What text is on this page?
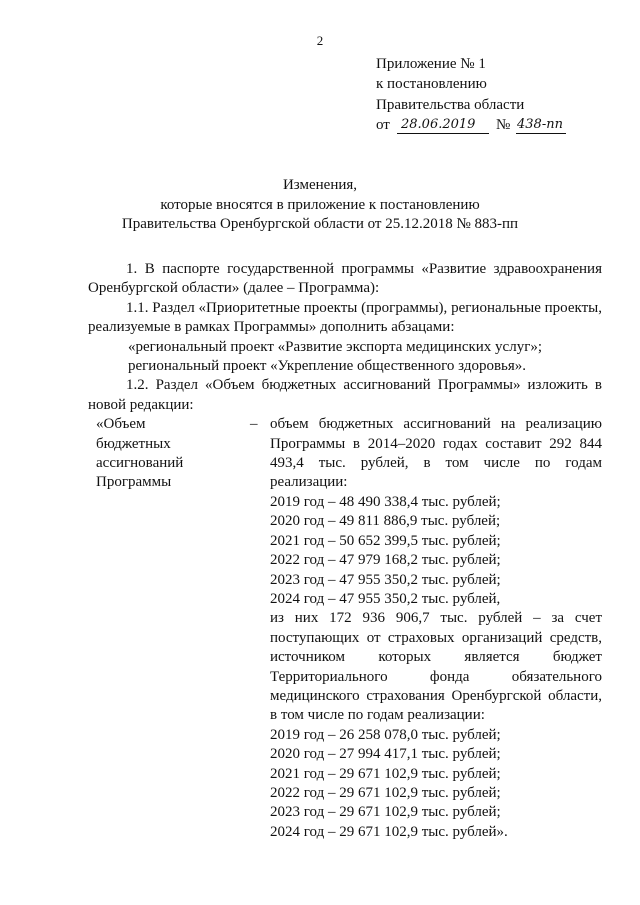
2
Приложение № 1
к постановлению
Правительства области
от 28.06.2019	№ 438-пп
Изменения,
которые вносятся в приложение к постановлению
Правительства Оренбургской области от 25.12.2018 № 883-пп

1. В паспорте государственной программы «Развитие здравоохранения Оренбургской области» (далее – Программа):

1.1. Раздел «Приоритетные проекты (программы), региональные проекты, реализуемые в рамках Программы» дополнить абзацами:

«региональный проект «Развитие экспорта медицинских услуг»;

региональный проект «Укрепление общественного здоровья».

1.2. Раздел «Объем бюджетных ассигнований Программы» изложить в новой редакции:

«Объем
бюджетных
ассигнований
Программы
– объем бюджетных ассигнований на реализацию Программы в 2014–2020 годах составит 292 844 493,4 тыс. рублей, в том числе по годам реализации:

2019 год – 48 490 338,4 тыс. рублей;
2020 год – 49 811 886,9 тыс. рублей;
2021 год – 50 652 399,5 тыс. рублей;
2022 год – 47 979 168,2 тыс. рублей;
2023 год – 47 955 350,2 тыс. рублей;
2024 год – 47 955 350,2 тыс. рублей,

из них 172 936 906,7 тыс. рублей – за счет поступающих от страховых организаций средств, источником которых является бюджет Территориального фонда обязательного медицинского страхования Оренбургской области, в том числе по годам реализации:

2019 год – 26 258 078,0 тыс. рублей;
2020 год – 27 994 417,1 тыс. рублей;
2021 год – 29 671 102,9 тыс. рублей;
2022 год – 29 671 102,9 тыс. рублей;
2023 год – 29 671 102,9 тыс. рублей;
2024 год – 29 671 102,9 тыс. рублей».
